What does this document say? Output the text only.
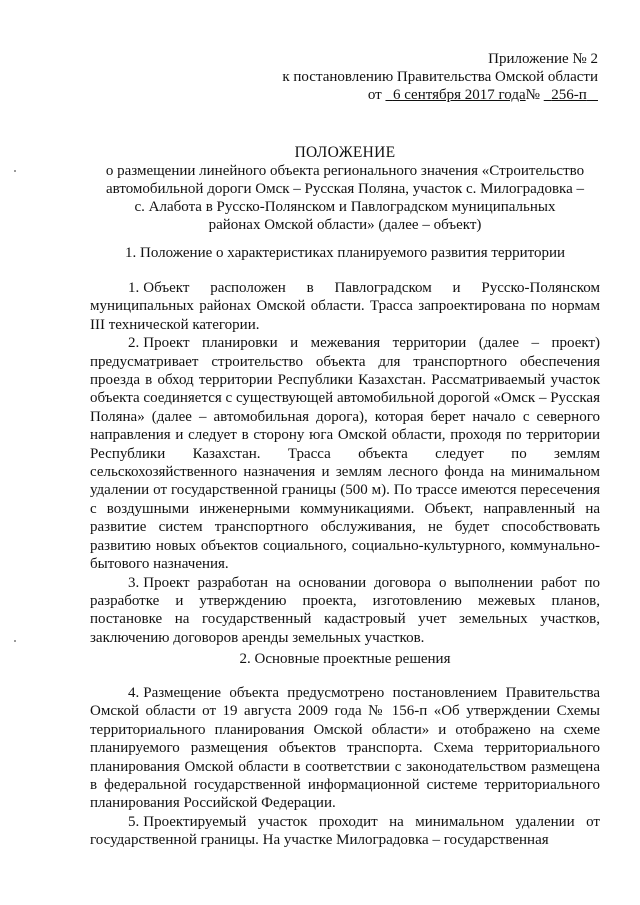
Приложение № 2
к постановлению Правительства Омской области
от 6 сентября 2017 года№ 256-п
ПОЛОЖЕНИЕ
о размещении линейного объекта регионального значения «Строительство
автомобильной дороги Омск – Русская Поляна, участок с. Милоградовка –
с. Алабота в Русско-Полянском и Павлоградском муниципальных
районах Омской области» (далее – объект)
1. Положение о характеристиках планируемого развития территории

1. Объект расположен в Павлоградском и Русско-Полянском муниципальных районах Омской области. Трасса запроектирована по нормам III технической категории.

2. Проект планировки и межевания территории (далее – проект) предусматривает строительство объекта для транспортного обеспечения проезда в обход территории Республики Казахстан. Рассматриваемый участок объекта соединяется с существующей автомобильной дорогой «Омск – Русская Поляна» (далее – автомобильная дорога), которая берет начало с северного направления и следует в сторону юга Омской области, проходя по территории Республики Казахстан. Трасса объекта следует по землям сельскохозяйственного назначения и землям лесного фонда на минимальном удалении от государственной границы (500 м). По трассе имеются пересечения с воздушными инженерными коммуникациями. Объект, направленный на развитие систем транспортного обслуживания, не будет способствовать развитию новых объектов социального, социально-культурного, коммунально-бытового назначения.

3. Проект разработан на основании договора о выполнении работ по разработке и утверждению проекта, изготовлению межевых планов, постановке на государственный кадастровый учет земельных участков, заключению договоров аренды земельных участков.

2. Основные проектные решения

4. Размещение объекта предусмотрено постановлением Правительства Омской области от 19 августа 2009 года № 156-п «Об утверждении Схемы территориального планирования Омской области» и отображено на схеме планируемого размещения объектов транспорта. Схема территориального планирования Омской области в соответствии с законодательством размещена в федеральной государственной информационной системе территориального планирования Российской Федерации.

5. Проектируемый участок проходит на минимальном удалении от государственной границы. На участке Милоградовка – государственная
